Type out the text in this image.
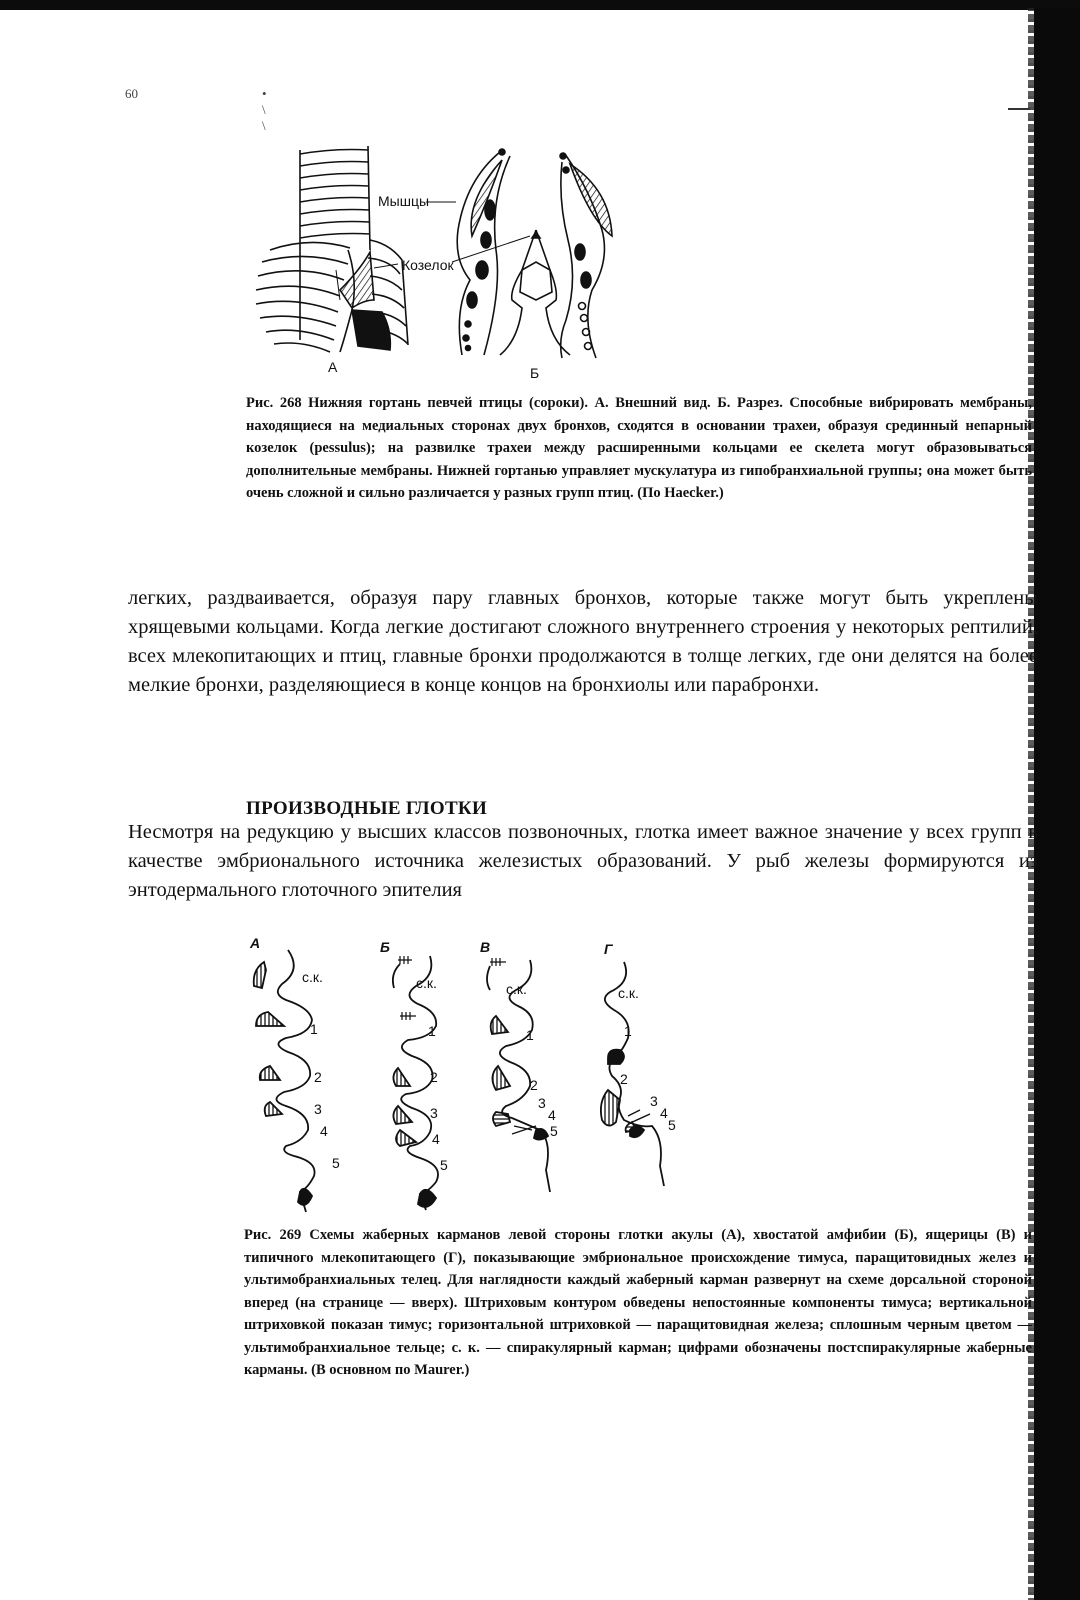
60	• \ \
А
Мышцы
Козелок
Б
Рис. 268 Нижняя гортань певчей птицы (сороки). А. Внешний вид. Б. Разрез. Способные вибрировать мембраны, находящиеся на медиальных сторонах двух бронхов, сходятся в основании трахеи, образуя срединный непарный козелок (pessulus); на развилке трахеи между расширенными кольцами ее скелета могут образовываться дополнительные мембраны. Нижней гортанью управляет мускулатура из гипобранхиальной группы; она может быть очень сложной и сильно различается у разных групп птиц. (По Haecker.)

легких, раздваивается, образуя пару главных бронхов, которые также могут быть укреплены хрящевыми кольцами. Когда легкие достигают сложного внутреннего строения у некоторых рептилий, всех млекопитающих и птиц, главные бронхи продолжаются в толще легких, где они делятся на более мелкие бронхи, разделяющиеся в конце концов на бронхиолы или парабронхи.

ПРОИЗВОДНЫЕ ГЛОТКИ

Несмотря на редукцию у высших классов позвоночных, глотка имеет важное значение у всех групп в качестве эмбрионального источника железистых образований. У рыб железы формируются из энтодермального глоточного эпителия

А	Б	В	Г
с.к.
1
2
3
4
5
с.к.
1
2
3
4
5
с.к.
1
2
3
4
5
с.к.
1
2
3
4
5
Рис. 269 Схемы жаберных карманов левой стороны глотки акулы (А), хвостатой амфибии (Б), ящерицы (В) и типичного млекопитающего (Г), показывающие эмбриональное происхождение тимуса, паращитовидных желез и ультимобранхиальных телец. Для наглядности каждый жаберный карман развернут на схеме дорсальной стороной вперед (на странице — вверх). Штриховым контуром обведены непостоянные компоненты тимуса; вертикальной штриховкой показан тимус; горизонтальной штриховкой — паращитовидная железа; сплошным черным цветом — ультимобранхиальное тельце; с. к. — спиракулярный карман; цифрами обозначены постспиракулярные жаберные карманы. (В основном по Maurer.)
